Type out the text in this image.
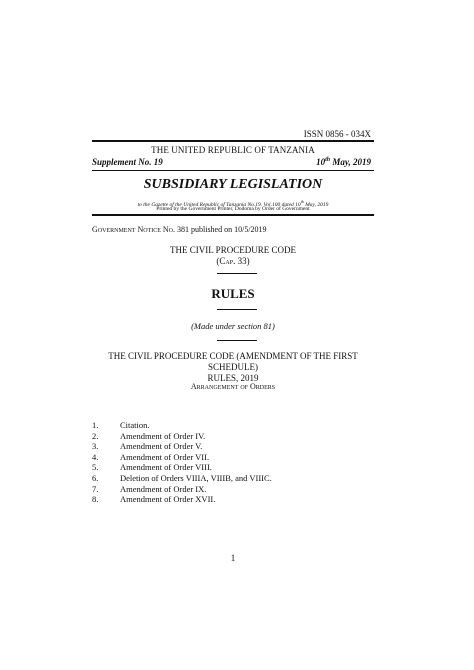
ISSN 0856 - 034X
THE UNITED REPUBLIC OF TANZANIA
Supplement No. 19	10th May, 2019
SUBSIDIARY LEGISLATION
to the Gazette of the United Republic of Tanzania No.19. Vol.100 dated 10th May, 2019
Printed by the Government Printer, Dodoma by Order of Government
Government Notice No. 381 published on 10/5/2019
THE CIVIL PROCEDURE CODE
(Cap. 33)
RULES
(Made under section 81)
THE CIVIL PROCEDURE CODE (AMENDMENT OF THE FIRST SCHEDULE)
RULES, 2019
Arrangement of Orders
1.	Citation.
2.	Amendment of Order IV.
3.	Amendment of Order V.
4.	Amendment of Order VII.
5.	Amendment of Order VIII.
6.	Deletion of Orders VIIIA, VIIIB, and VIIIC.
7.	Amendment of Order IX.
8.	Amendment of Order XVII.
1
